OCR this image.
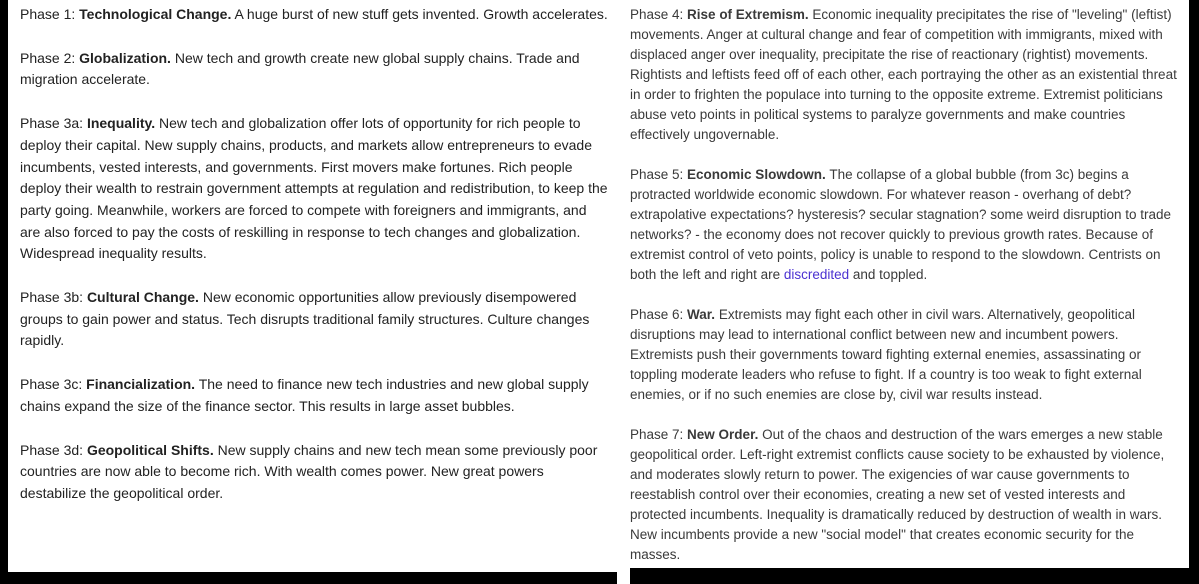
Phase 1: Technological Change. A huge burst of new stuff gets invented. Growth accelerates.

Phase 2: Globalization. New tech and growth create new global supply chains. Trade and migration accelerate.

Phase 3a: Inequality. New tech and globalization offer lots of opportunity for rich people to deploy their capital. New supply chains, products, and markets allow entrepreneurs to evade incumbents, vested interests, and governments. First movers make fortunes. Rich people deploy their wealth to restrain government attempts at regulation and redistribution, to keep the party going. Meanwhile, workers are forced to compete with foreigners and immigrants, and are also forced to pay the costs of reskilling in response to tech changes and globalization. Widespread inequality results.

Phase 3b: Cultural Change. New economic opportunities allow previously disempowered groups to gain power and status. Tech disrupts traditional family structures. Culture changes rapidly.

Phase 3c: Financialization. The need to finance new tech industries and new global supply chains expand the size of the finance sector. This results in large asset bubbles.

Phase 3d: Geopolitical Shifts. New supply chains and new tech mean some previously poor countries are now able to become rich. With wealth comes power. New great powers destabilize the geopolitical order.

Phase 4: Rise of Extremism. Economic inequality precipitates the rise of "leveling" (leftist) movements. Anger at cultural change and fear of competition with immigrants, mixed with displaced anger over inequality, precipitate the rise of reactionary (rightist) movements. Rightists and leftists feed off of each other, each portraying the other as an existential threat in order to frighten the populace into turning to the opposite extreme. Extremist politicians abuse veto points in political systems to paralyze governments and make countries effectively ungovernable.

Phase 5: Economic Slowdown. The collapse of a global bubble (from 3c) begins a protracted worldwide economic slowdown. For whatever reason - overhang of debt? extrapolative expectations? hysteresis? secular stagnation? some weird disruption to trade networks? - the economy does not recover quickly to previous growth rates. Because of extremist control of veto points, policy is unable to respond to the slowdown. Centrists on both the left and right are discredited and toppled.

Phase 6: War. Extremists may fight each other in civil wars. Alternatively, geopolitical disruptions may lead to international conflict between new and incumbent powers. Extremists push their governments toward fighting external enemies, assassinating or toppling moderate leaders who refuse to fight. If a country is too weak to fight external enemies, or if no such enemies are close by, civil war results instead.

Phase 7: New Order. Out of the chaos and destruction of the wars emerges a new stable geopolitical order. Left-right extremist conflicts cause society to be exhausted by violence, and moderates slowly return to power. The exigencies of war cause governments to reestablish control over their economies, creating a new set of vested interests and protected incumbents. Inequality is dramatically reduced by destruction of wealth in wars. New incumbents provide a new "social model" that creates economic security for the masses.
